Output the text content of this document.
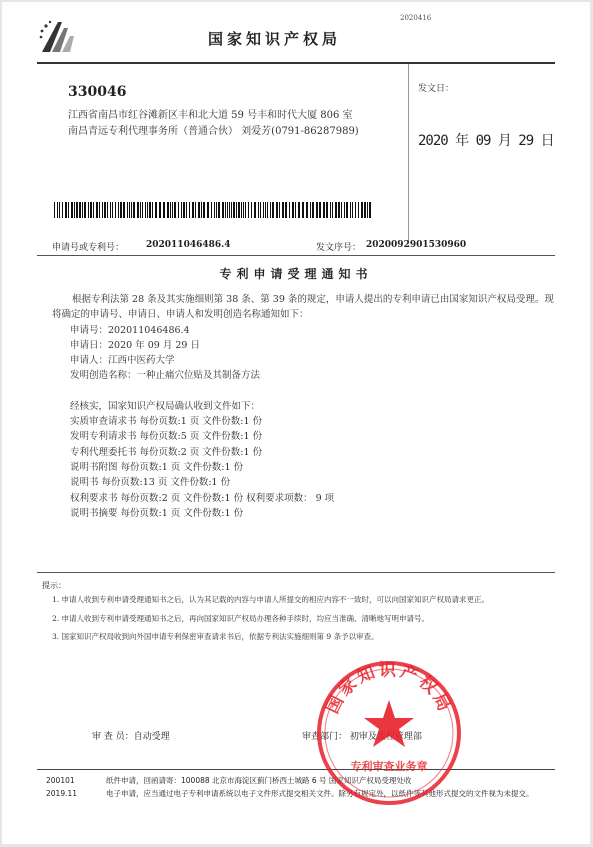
2020416
国家知识产权局
330046
江西省南昌市红谷滩新区丰和北大道 59 号丰和时代大厦 806 室
南昌青远专利代理事务所（普通合伙） 刘爱芳(0791-86287989)
发文日：
2020 年 09 月 29 日
申请号或专利号： 202011046486.4	发文序号： 2020092901530960
专利申请受理通知书

根据专利法第 28 条及其实施细则第 38 条、第 39 条的规定，申请人提出的专利申请已由国家知识产权局受理。现将确定的申请号、申请日、申请人和发明创造名称通知如下：

申请号：202011046486.4

申请日：2020 年 09 月 29 日

申请人：江西中医药大学

发明创造名称：一种止痛穴位贴及其制备方法

经核实，国家知识产权局确认收到文件如下：

实质审查请求书 每份页数:1 页 文件份数:1 份

发明专利请求书 每份页数:5 页 文件份数:1 份

专利代理委托书 每份页数:2 页 文件份数:1 份

说明书附图 每份页数:1 页 文件份数:1 份

说明书 每份页数:13 页 文件份数:1 份

权利要求书 每份页数:2 页 文件份数:1 份 权利要求项数： 9 项

说明书摘要 每份页数:1 页 文件份数:1 份

提示：

1. 申请人收到专利申请受理通知书之后，认为其记载的内容与申请人所提交的相应内容不一致时，可以向国家知识产权局请求更正。

2. 申请人收到专利申请受理通知书之后，再向国家知识产权局办理各种手续时，均应当准确、清晰地写明申请号。

3. 国家知识产权局收到向外国申请专利保密审查请求书后，依据专利法实施细则第 9 条予以审查。

审 查 员：自动受理	审查部门： 初审及流程管理部
200101
2019.11
纸件申请，回函请寄：100088 北京市海淀区蓟门桥西土城路 6 号 国家知识产权局受理处收
电子申请，应当通过电子专利申请系统以电子文件形式提交相关文件。除另有规定外，以纸件等其他形式提交的文件视为未提交。
国家知识产权局
专利审查业务章
